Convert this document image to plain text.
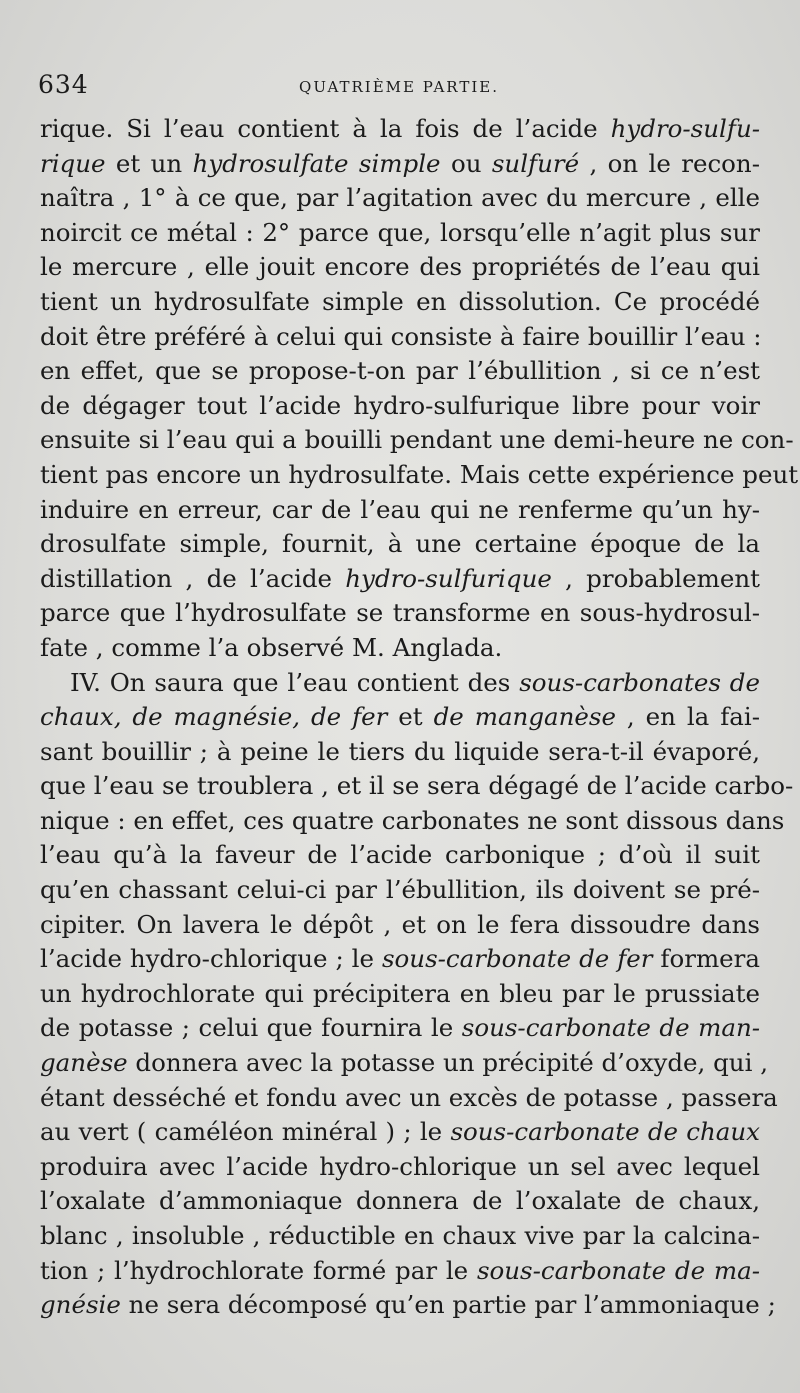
634	QUATRIÈME PARTIE.
rique. Si l’eau contient à la fois de l’acide hydro-sulfu-
rique et un hydrosulfate simple ou sulfuré , on le recon-
naîtra , 1° à ce que, par l’agitation avec du mercure , elle
noircit ce métal : 2° parce que, lorsqu’elle n’agit plus sur
le mercure , elle jouit encore des propriétés de l’eau qui
tient un hydrosulfate simple en dissolution. Ce procédé
doit être préféré à celui qui consiste à faire bouillir l’eau :
en effet, que se propose-t-on par l’ébullition , si ce n’est
de dégager tout l’acide hydro-sulfurique libre pour voir
ensuite si l’eau qui a bouilli pendant une demi-heure ne con-
tient pas encore un hydrosulfate. Mais cette expérience peut
induire en erreur, car de l’eau qui ne renferme qu’un hy-
drosulfate simple, fournit, à une certaine époque de la
distillation , de l’acide hydro-sulfurique , probablement
parce que l’hydrosulfate se transforme en sous-hydrosul-
fate , comme l’a observé M. Anglada.
IV. On saura que l’eau contient des sous-carbonates de
chaux, de magnésie, de fer et de manganèse , en la fai-
sant bouillir ; à peine le tiers du liquide sera-t-il évaporé,
que l’eau se troublera , et il se sera dégagé de l’acide carbo-
nique : en effet, ces quatre carbonates ne sont dissous dans
l’eau qu’à la faveur de l’acide carbonique ; d’où il suit
qu’en chassant celui-ci par l’ébullition, ils doivent se pré-
cipiter. On lavera le dépôt , et on le fera dissoudre dans
l’acide hydro-chlorique ; le sous-carbonate de fer formera
un hydrochlorate qui précipitera en bleu par le prussiate
de potasse ; celui que fournira le sous-carbonate de man-
ganèse donnera avec la potasse un précipité d’oxyde, qui ,
étant desséché et fondu avec un excès de potasse , passera
au vert ( caméléon minéral ) ; le sous-carbonate de chaux
produira avec l’acide hydro-chlorique un sel avec lequel
l’oxalate d’ammoniaque donnera de l’oxalate de chaux,
blanc , insoluble , réductible en chaux vive par la calcina-
tion ; l’hydrochlorate formé par le sous-carbonate de ma-
gnésie ne sera décomposé qu’en partie par l’ammoniaque ;
